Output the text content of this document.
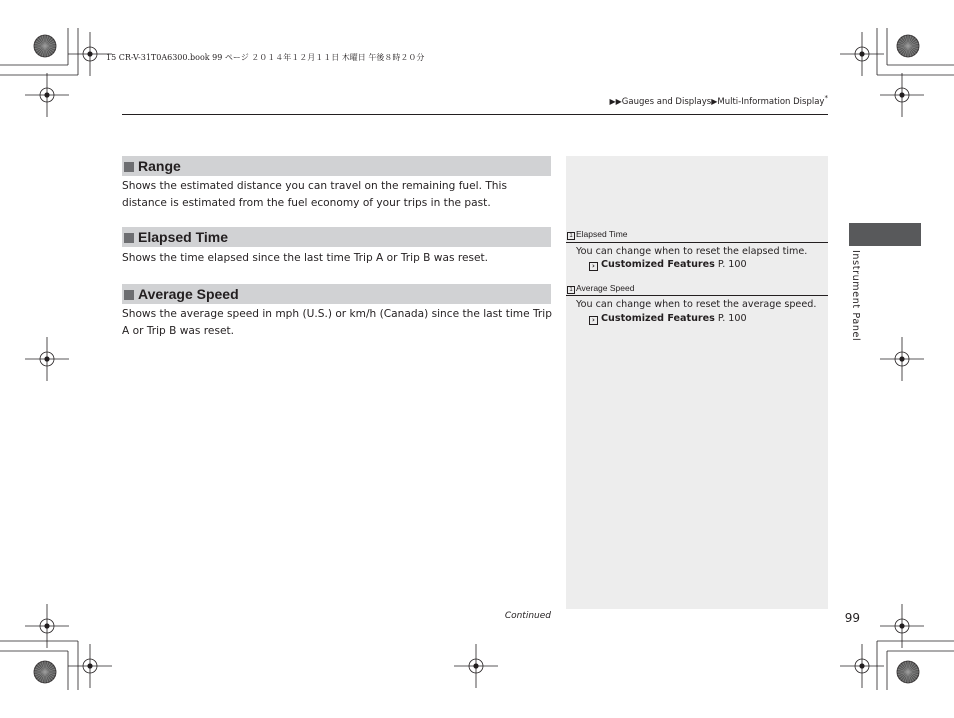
15 CR-V-31T0A6300.book 99 ページ ２０１４年１２月１１日 木曜日 午後８時２０分
▶▶Gauges and Displays▶Multi-Information Display*
Range
Shows the estimated distance you can travel on the remaining fuel. This distance is estimated from the fuel economy of your trips in the past.
Elapsed Time
Shows the time elapsed since the last time Trip A or Trip B was reset.
Average Speed
Shows the average speed in mph (U.S.) or km/h (Canada) since the last time Trip A or Trip B was reset.
1 Elapsed Time
You can change when to reset the elapsed time.
› Customized Features P. 100
1 Average Speed
You can change when to reset the average speed.
› Customized Features P. 100	Instrument Panel
Continued	99
